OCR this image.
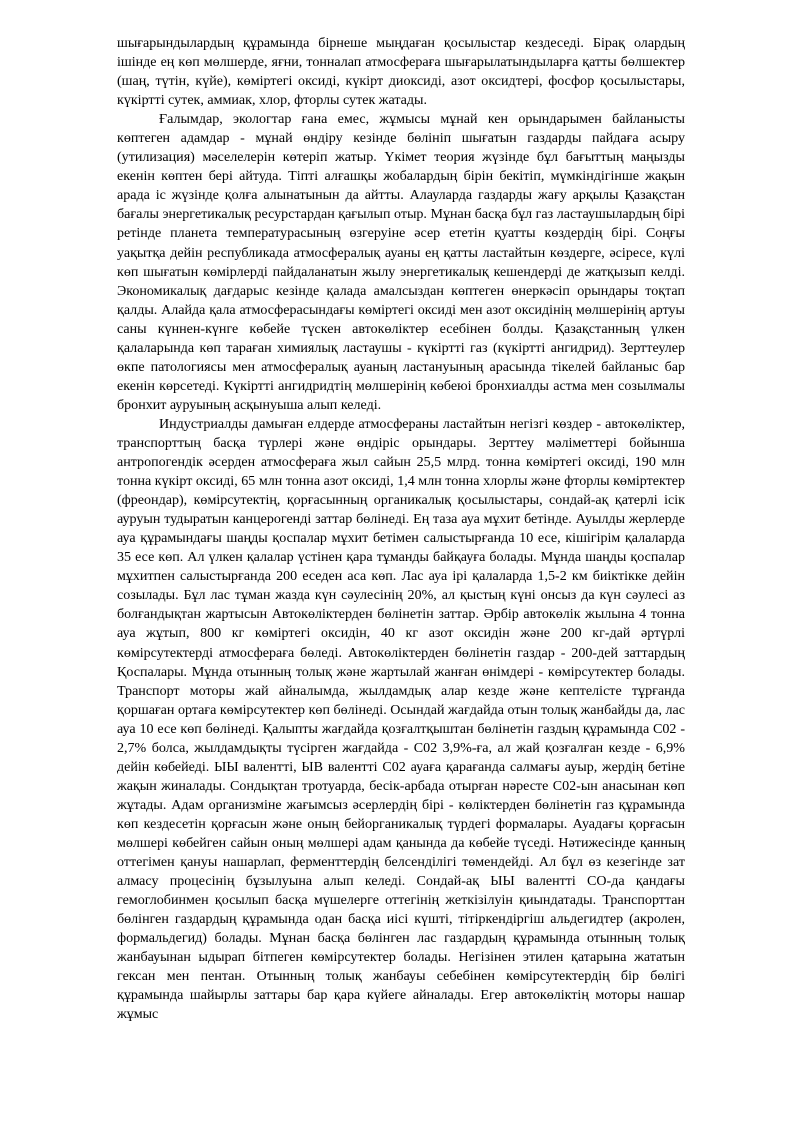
шығарындылардың құрамында бірнеше мыңдаған қосылыстар кездеседі. Бірақ олардың ішінде ең көп мөлшерде, яғни, тонналап атмосфераға шығарылатындыларға қатты бөлшектер (шаң, түтін, күйе), көміртегі оксиді, күкірт диоксиді, азот оксидтері, фосфор қосылыстары, күкіртті сутек, аммиак, хлор, фторлы сутек жатады.

Ғалымдар, экологтар ғана емес, жұмысы мұнай кен орындарымен байланысты көптеген адамдар - мұнай өндіру кезінде бөлініп шығатын газдарды пайдаға асыру (утилизация) мәселелерін көтеріп жатыр. Үкімет теория жүзінде бұл бағыттың маңызды екенін көптен бері айтуда. Тіпті алғашқы жобалардың бірін бекітіп, мүмкіндігінше жақын арада іс жүзінде қолға алынатынын да айтты. Алауларда газдарды жағу арқылы Қазақстан бағалы энергетикалық ресурстардан қағылып отыр. Мұнан басқа бұл газ ластаушылардың бірі ретінде планета температурасының өзгеруіне әсер ететін қуатты көздердің бірі. Соңғы уақытқа дейін республикада атмосфералық ауаны ең қатты ластайтын көздерге, әсіресе, күлі көп шығатын көмірлерді пайдаланатын жылу энергетикалық кешендерді де жатқызып келді. Экономикалық дағдарыс кезінде қалада амалсыздан көптеген өнеркәсіп орындары тоқтап қалды. Алайда қала атмосферасындағы көміртегі оксиді мен азот оксидінің мөлшерінің артуы саны күннен-күнге көбейе түскен автокөліктер есебінен болды. Қазақстанның үлкен қалаларында көп тараған химиялық ластаушы - күкіртті газ (күкіртті ангидрид). Зерттеулер өкпе патологиясы мен атмосфералық ауаның ластануының арасында тікелей байланыс бар екенін көрсетеді. Күкіртті ангидридтің мөлшерінің көбеюі бронхиалды астма мен созылмалы бронхит ауруының асқынуыша алып келеді.

Индустриалды дамыған елдерде атмосфераны ластайтын негізгі көздер - автокөліктер, транспорттың басқа түрлері және өндіріс орындары. Зерттеу мәліметтері бойынша антропогендік әсерден атмосфераға жыл сайын 25,5 млрд. тонна көміртегі оксиді, 190 млн тонна күкірт оксиді, 65 млн тонна азот оксиді, 1,4 млн тонна хлорлы және фторлы көміртектер (фреондар), көмірсутектің, қорғасынның органикалық қосылыстары, сондай-ақ қатерлі ісік ауруын тудыратын канцерогенді заттар бөлінеді. Ең таза ауа мұхит бетінде. Ауылды жерлерде ауа құрамындағы шаңды қоспалар мұхит бетімен салыстырғанда 10 есе, кішігірім қалаларда 35 есе көп. Ал үлкен қалалар үстінен қара тұманды байқауға болады. Мұнда шаңды қоспалар мұхитпен салыстырғанда 200 еседен аса көп. Лас ауа ірі қалаларда 1,5-2 км биіктікке дейін созылады. Бұл лас тұман жазда күн сәулесінің 20%, ал қыстың күні онсыз да күн сәулесі аз болғандықтан жартысын Автокөліктерден бөлінетін заттар. Әрбір автокөлік жылына 4 тонна ауа жұтып, 800 кг көміртегі оксидін, 40 кг азот оксидін және 200 кг-дай әртүрлі көмірсутектерді атмосфераға бөледі. Автокөліктерден бөлінетін газдар - 200-дей заттардың Қоспалары. Мұнда отынның толық және жартылай жанған өнімдері - көмірсутектер болады. Транспорт моторы жай айналымда, жылдамдық алар кезде және кептелісте тұрғанда қоршаған ортаға көмірсутектер көп бөлінеді. Осындай жағдайда отын толық жанбайды да, лас ауа 10 есе көп бөлінеді. Қалыпты жағдайда қозғалтқыштан бөлінетін газдың құрамында С02 - 2,7% болса, жылдамдықты түсірген жағдайда - С02 3,9%-ға, ал жай қозғалған кезде - 6,9% дейін көбейеді. ЫЫ валентті, ЫВ валентті С02 ауаға қарағанда салмағы ауыр, жердің бетіне жақын жиналады. Сондықтан тротуарда, бесік-арбада отырған нәресте С02-ын анасынан көп жұтады. Адам организміне жағымсыз әсерлердің бірі - көліктерден бөлінетін газ құрамында көп кездесетін қорғасын және оның бейорганикалық түрдегі формалары. Ауадағы қорғасын мөлшері көбейген сайын оның мөлшері адам қанында да көбейе түседі. Нәтижесінде қанның оттегімен қануы нашарлап, ферменттердің белсенділігі төмендейді. Ал бұл өз кезегінде зат алмасу процесінің бұзылуына алып келеді. Сондай-ақ ЫЫ валентті СО-да қандағы гемоглобинмен қосылып басқа мүшелерге оттегінің жеткізілуін қиындатады. Транспорттан бөлінген газдардың құрамында одан басқа иісі күшті, тітіркендіргіш альдегидтер (акролен, формальдегид) болады. Мұнан басқа бөлінген лас газдардың құрамында отынның толық жанбауынан ыдырап бітпеген көмірсутектер болады. Негізінен этилен қатарына жататын гексан мен пентан. Отынның толық жанбауы себебінен көмірсутектердің бір бөлігі құрамында шайырлы заттары бар қара күйеге айналады. Егер автокөліктің моторы нашар жұмыс
